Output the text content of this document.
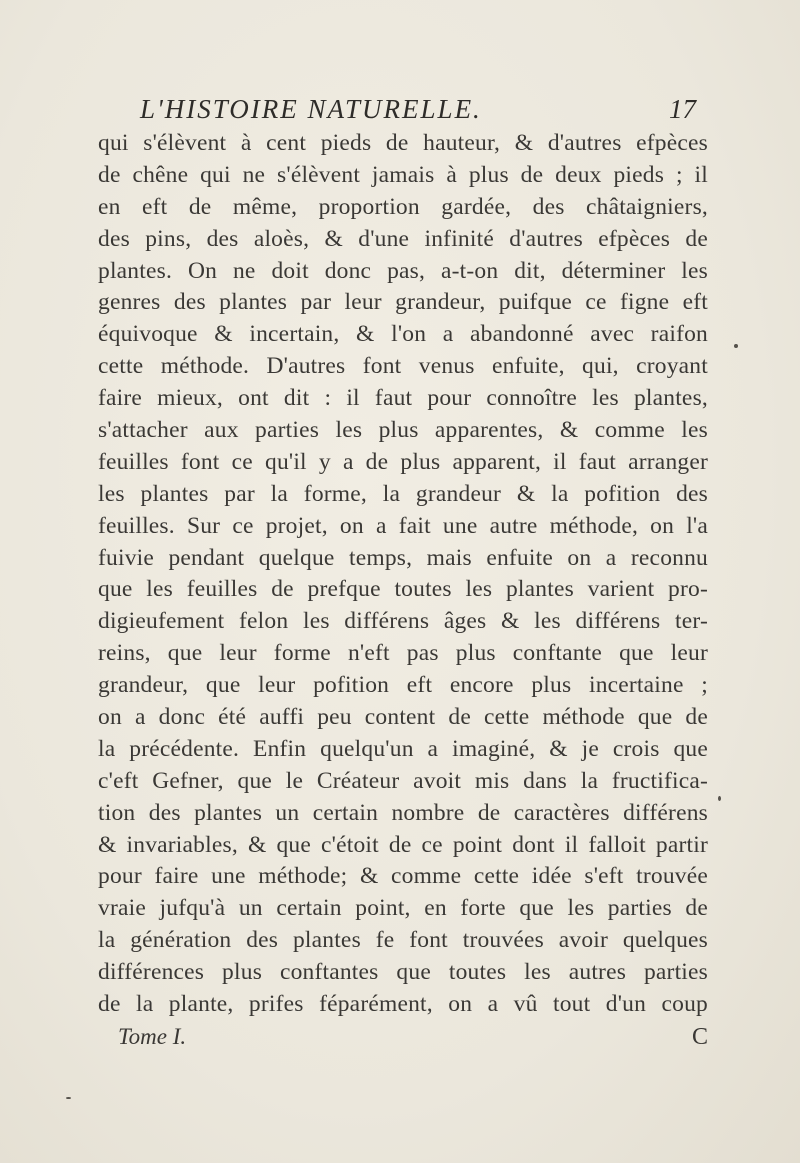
L'HISTOIRE NATURELLE.	17
qui s'élèvent à cent pieds de hauteur, & d'autres efpèces
de chêne qui ne s'élèvent jamais à plus de deux pieds ; il
en eft de même, proportion gardée, des châtaigniers,
des pins, des aloès, & d'une infinité d'autres efpèces de
plantes. On ne doit donc pas, a-t-on dit, déterminer les
genres des plantes par leur grandeur, puifque ce figne eft
équivoque & incertain, & l'on a abandonné avec raifon
cette méthode. D'autres font venus enfuite, qui, croyant
faire mieux, ont dit : il faut pour connoître les plantes,
s'attacher aux parties les plus apparentes, & comme les
feuilles font ce qu'il y a de plus apparent, il faut arranger
les plantes par la forme, la grandeur & la pofition des
feuilles. Sur ce projet, on a fait une autre méthode, on l'a
fuivie pendant quelque temps, mais enfuite on a reconnu
que les feuilles de prefque toutes les plantes varient pro-
digieufement felon les différens âges & les différens ter-
reins, que leur forme n'eft pas plus conftante que leur
grandeur, que leur pofition eft encore plus incertaine ;
on a donc été auffi peu content de cette méthode que de
la précédente. Enfin quelqu'un a imaginé, & je crois que
c'eft Gefner, que le Créateur avoit mis dans la fructifica-
tion des plantes un certain nombre de caractères différens
& invariables, & que c'étoit de ce point dont il falloit partir
pour faire une méthode; & comme cette idée s'eft trouvée
vraie jufqu'à un certain point, en forte que les parties de
la génération des plantes fe font trouvées avoir quelques
différences plus conftantes que toutes les autres parties
de la plante, prifes féparément, on a vû tout d'un coup
Tome I.	C
